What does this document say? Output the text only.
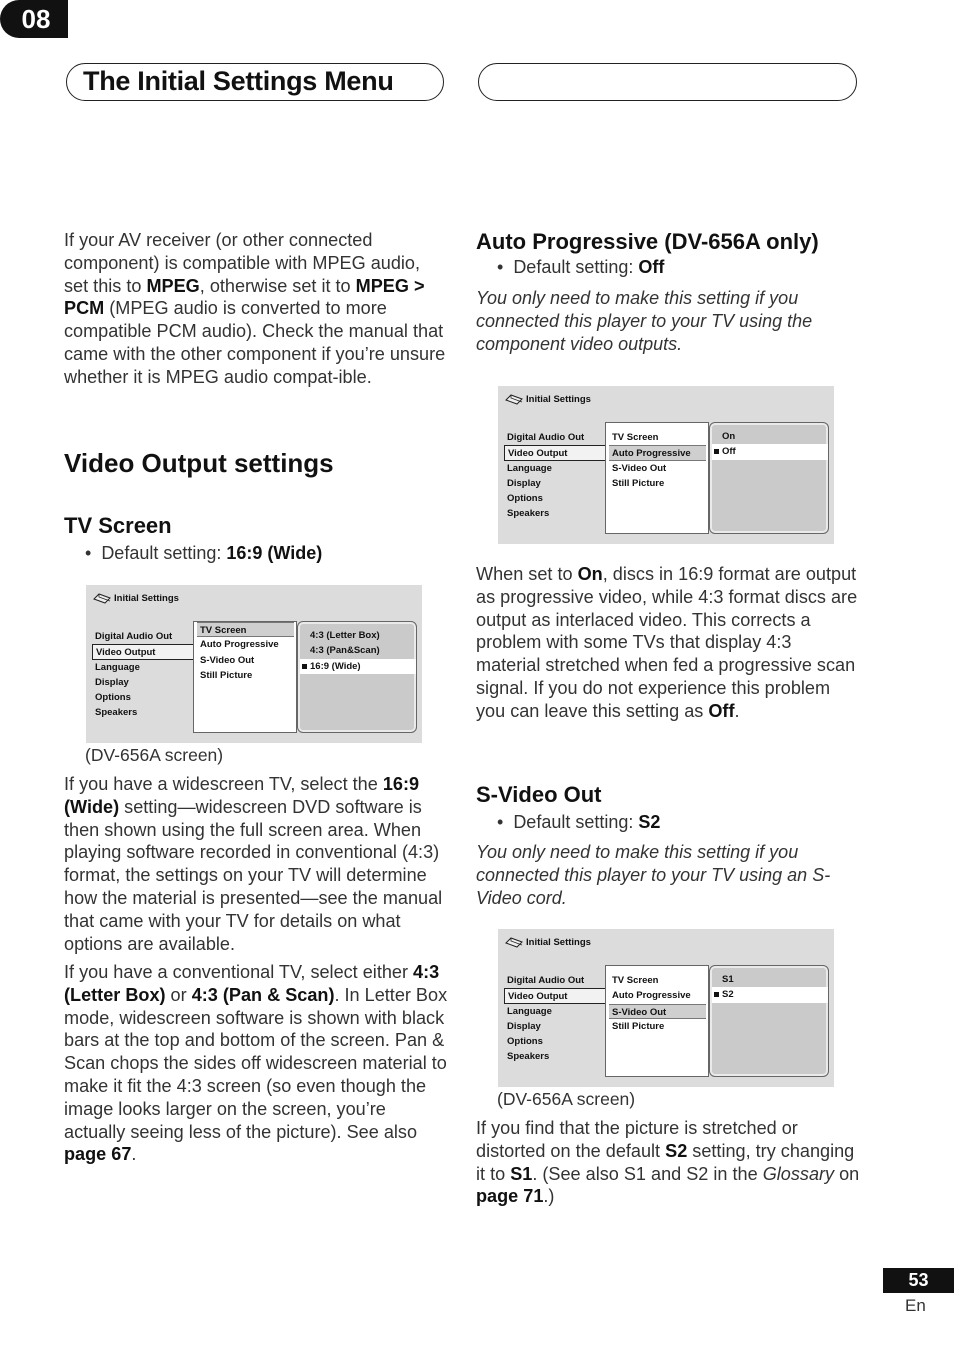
The Initial Settings Menu
08
If your AV receiver (or other connected component) is compatible with MPEG audio, set this to MPEG, otherwise set it to MPEG > PCM (MPEG audio is converted to more compatible PCM audio). Check the manual that came with the other component if you’re unsure whether it is MPEG audio compat-ible.
Video Output settings
TV Screen
•  Default setting: 16:9 (Wide)
Initial Settings
Digital Audio Out
Video Output
Language
Display
Options
Speakers
TV Screen
Auto Progressive
S-Video Out
Still Picture
4:3 (Letter Box)
4:3 (Pan&Scan)
16:9 (Wide)
(DV-656A screen)
If you have a widescreen TV, select the 16:9 (Wide) setting—widescreen DVD software is then shown using the full screen area. When playing software recorded in conventional (4:3) format, the settings on your TV will determine how the material is presented—see the manual that came with your TV for details on what options are available.
If you have a conventional TV, select either 4:3 (Letter Box) or 4:3 (Pan & Scan). In Letter Box mode, widescreen software is shown with black bars at the top and bottom of the screen. Pan & Scan chops the sides off widescreen material to make it fit the 4:3 screen (so even though the image looks larger on the screen, you’re actually seeing less of the picture). See also page 67.
Auto Progressive (DV-656A only)
•  Default setting: Off
You only need to make this setting if you connected this player to your TV using the component video outputs.
Initial Settings
Digital Audio Out
Video Output
Language
Display
Options
Speakers
TV Screen
Auto Progressive
S-Video Out
Still Picture
On
Off
When set to On, discs in 16:9 format are output as progressive video, while 4:3 format discs are output as interlaced video. This corrects a problem with some TVs that display 4:3 material stretched when fed a progressive scan signal. If you do not experience this problem you can leave this setting as Off.
S-Video Out
•  Default setting: S2
You only need to make this setting if you connected this player to your TV using an S-Video cord.
Initial Settings
Digital Audio Out
Video Output
Language
Display
Options
Speakers
TV Screen
Auto Progressive
S-Video Out
Still Picture
S1
S2
(DV-656A screen)
If you find that the picture is stretched or distorted on the default S2 setting, try changing it to S1. (See also S1 and S2 in the Glossary on page 71.)
53
En
